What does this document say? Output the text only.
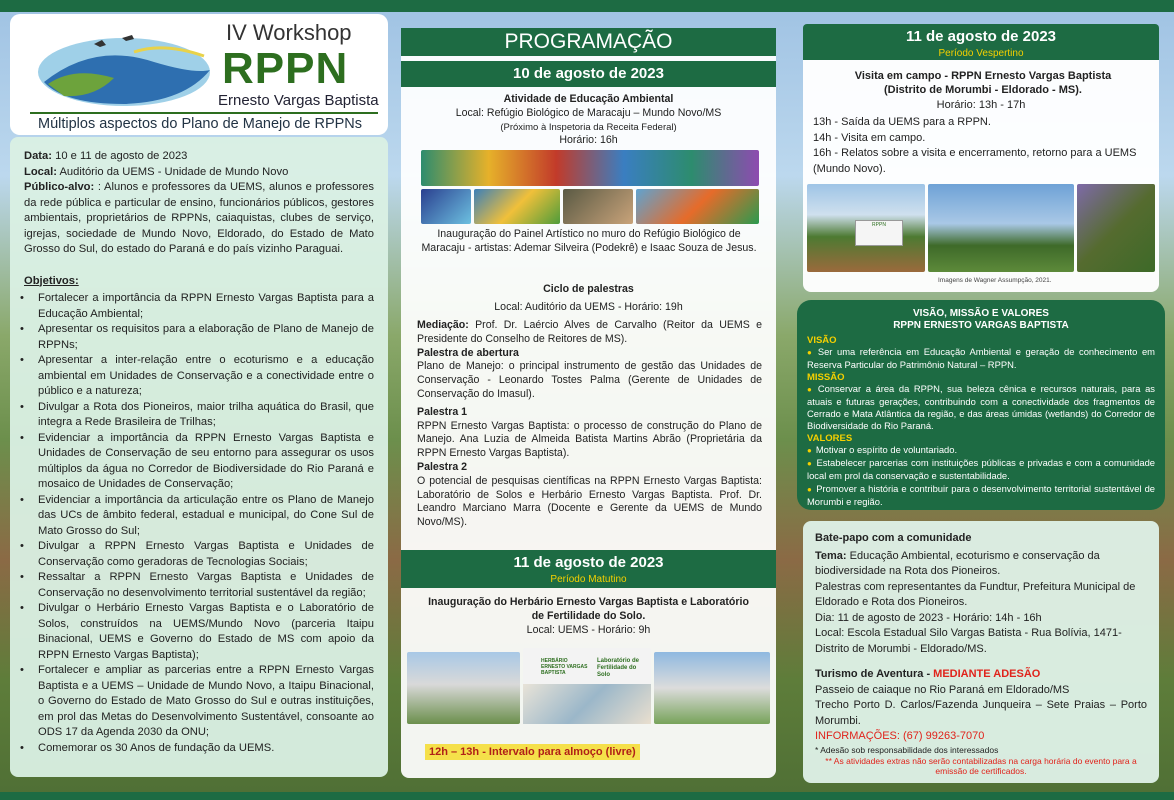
IV Workshop
RPPN
Ernesto Vargas Baptista
Múltiplos aspectos do Plano de Manejo de RPPNs

Data: 10 e 11 de agosto de 2023

Local: Auditório da UEMS - Unidade de Mundo Novo

Público-alvo: : Alunos e professores da UEMS, alunos e professores da rede pública e particular de ensino, funcionários públicos, gestores ambientais, proprietários de RPPNs, caiaquistas, clubes de serviço, igrejas, sociedade de Mundo Novo, Eldorado, do Estado de Mato Grosso do Sul, do estado do Paraná e do país vizinho Paraguai.

Objetivos:

• Fortalecer a importância da RPPN Ernesto Vargas Baptista para a Educação Ambiental;
• Apresentar os requisitos para a elaboração de Plano de Manejo de RPPNs;
• Apresentar a inter-relação entre o ecoturismo e a educação ambiental em Unidades de Conservação e a conectividade entre o público e a natureza;
• Divulgar a Rota dos Pioneiros, maior trilha aquática do Brasil, que integra a Rede Brasileira de Trilhas;
• Evidenciar a importância da RPPN Ernesto Vargas Baptista e Unidades de Conservação de seu entorno para assegurar os usos múltiplos da água no Corredor de Biodiversidade do Rio Paraná e mosaico de Unidades de Conservação;
• Evidenciar a importância da articulação entre os Plano de Manejo das UCs de âmbito federal, estadual e municipal, do Cone Sul de Mato Grosso do Sul;
• Divulgar a RPPN Ernesto Vargas Baptista e Unidades de Conservação como geradoras de Tecnologias Sociais;
• Ressaltar a RPPN Ernesto Vargas Baptista e Unidades de Conservação no desenvolvimento territorial sustentável da região;
• Divulgar o Herbário Ernesto Vargas Baptista e o Laboratório de Solos, construídos na UEMS/Mundo Novo (parceria Itaipu Binacional, UEMS e Governo do Estado de MS com apoio da RPPN Ernesto Vargas Baptista);
• Fortalecer e ampliar as parcerias entre a RPPN Ernesto Vargas Baptista e a UEMS – Unidade de Mundo Novo, a Itaipu Binacional, o Governo do Estado de Mato Grosso do Sul e outras instituições, em prol das Metas do Desenvolvimento Sustentável, consoante ao ODS 17 da Agenda 2030 da ONU;
• Comemorar os 30 Anos de fundação da UEMS.
PROGRAMAÇÃO
10 de agosto de 2023
Atividade de Educação Ambiental
Local: Refúgio Biológico de Maracaju – Mundo Novo/MS
(Próximo à Inspetoria da Receita Federal)
Horário: 16h
Inauguração do Painel Artístico no muro do Refúgio Biológico de Maracaju - artistas: Ademar Silveira (Podekrê) e Isaac Souza de Jesus.
Ciclo de palestras
Local: Auditório da UEMS - Horário: 19h
Mediação: Prof. Dr. Laércio Alves de Carvalho (Reitor da UEMS e Presidente do Conselho de Reitores de MS).
Palestra de abertura
Plano de Manejo: o principal instrumento de gestão das Unidades de Conservação - Leonardo Tostes Palma (Gerente de Unidades de Conservação do Imasul).
Palestra 1
RPPN Ernesto Vargas Baptista: o processo de construção do Plano de Manejo. Ana Luzia de Almeida Batista Martins Abrão (Proprietária da RPPN Ernesto Vargas Baptista).
Palestra 2
O potencial de pesquisas científicas na RPPN Ernesto Vargas Baptista: Laboratório de Solos e Herbário Ernesto Vargas Baptista. Prof. Dr. Leandro Marciano Marra (Docente e Gerente da UEMS de Mundo Novo/MS).
11 de agosto de 2023
Período Matutino
Inauguração do Herbário Ernesto Vargas Baptista e Laboratório de Fertilidade do Solo.
Local: UEMS - Horário: 9h
HERBÁRIO ERNESTO VARGAS BAPTISTA
Laboratório de Fertilidade do Solo
12h – 13h - Intervalo para almoço (livre)
11 de agosto de 2023
Período Vespertino
Visita em campo - RPPN Ernesto Vargas Baptista (Distrito de Morumbi - Eldorado - MS).
Horário: 13h - 17h
13h - Saída da UEMS para a RPPN.
14h - Visita em campo.
16h - Relatos sobre a visita e encerramento, retorno para a UEMS (Mundo Novo).
RPPN
Imagens de Wagner Assumpção, 2021.
VISÃO, MISSÃO E VALORES
RPPN ERNESTO VARGAS BAPTISTA
VISÃO
● Ser uma referência em Educação Ambiental e geração de conhecimento em Reserva Particular do Patrimônio Natural – RPPN.
MISSÃO
● Conservar a área da RPPN, sua beleza cênica e recursos naturais, para as atuais e futuras gerações, contribuindo com a conectividade dos fragmentos de Cerrado e Mata Atlântica da região, e das áreas úmidas (wetlands) do Corredor de Biodiversidade do Rio Paraná.
VALORES
● Motivar o espírito de voluntariado.
● Estabelecer parcerias com instituições públicas e privadas e com a comunidade local em prol da conservação e sustentabilidade.
● Promover a história e contribuir para o desenvolvimento territorial sustentável de Morumbi e região.
Bate-papo com a comunidade
Tema: Educação Ambiental, ecoturismo e conservação da biodiversidade na Rota dos Pioneiros.
Palestras com representantes da Fundtur, Prefeitura Municipal de Eldorado e Rota dos Pioneiros.
Dia: 11 de agosto de 2023 - Horário: 14h - 16h
Local: Escola Estadual Silo Vargas Batista - Rua Bolívia, 1471- Distrito de Morumbi - Eldorado/MS.
Turismo de Aventura - MEDIANTE ADESÃO
Passeio de caiaque no Rio Paraná em Eldorado/MS
Trecho Porto D. Carlos/Fazenda Junqueira – Sete Praias – Porto Morumbi.
INFORMAÇÕES: (67) 99263-7070
* Adesão sob responsabilidade dos interessados
** As atividades extras não serão contabilizadas na carga horária do evento para a emissão de certificados.
